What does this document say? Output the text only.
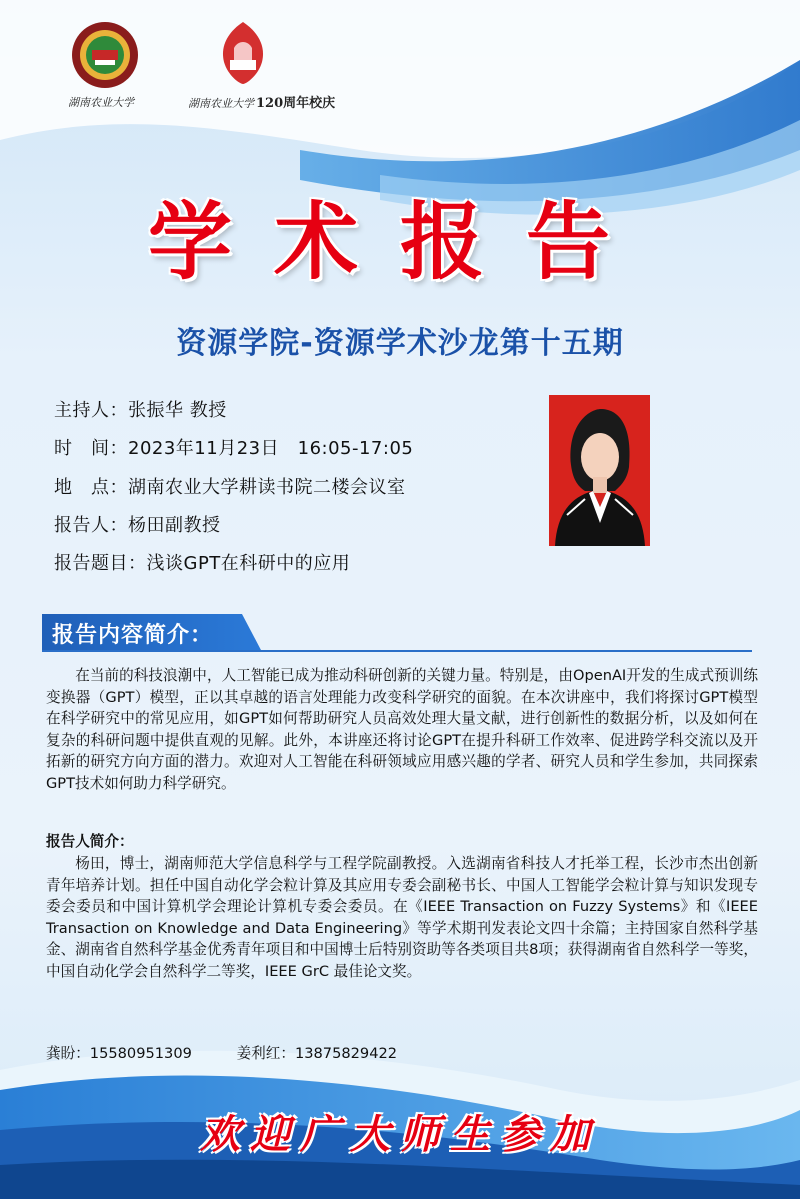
湖南农业大学	湖南农业大学 120周年校庆
学术报告
资源学院-资源学术沙龙第十五期
主持人：张振华 教授
时　间：2023年11月23日　16:05-17:05
地　点：湖南农业大学耕读书院二楼会议室
报告人：杨田副教授
报告题目：浅谈GPT在科研中的应用
报告内容简介：
在当前的科技浪潮中，人工智能已成为推动科研创新的关键力量。特别是，由OpenAI开发的生成式预训练变换器（GPT）模型，正以其卓越的语言处理能力改变科学研究的面貌。在本次讲座中，我们将探讨GPT模型在科学研究中的常见应用，如GPT如何帮助研究人员高效处理大量文献，进行创新性的数据分析，以及如何在复杂的科研问题中提供直观的见解。此外，本讲座还将讨论GPT在提升科研工作效率、促进跨学科交流以及开拓新的研究方向方面的潜力。欢迎对人工智能在科研领域应用感兴趣的学者、研究人员和学生参加，共同探索GPT技术如何助力科学研究。
报告人简介：
杨田，博士，湖南师范大学信息科学与工程学院副教授。入选湖南省科技人才托举工程，长沙市杰出创新青年培养计划。担任中国自动化学会粒计算及其应用专委会副秘书长、中国人工智能学会粒计算与知识发现专委会委员和中国计算机学会理论计算机专委会委员。在《IEEE Transaction on Fuzzy Systems》和《IEEE Transaction on Knowledge and Data Engineering》等学术期刊发表论文四十余篇；主持国家自然科学基金、湖南省自然科学基金优秀青年项目和中国博士后特别资助等各类项目共8项；获得湖南省自然科学一等奖，中国自动化学会自然科学二等奖，IEEE GrC 最佳论文奖。
龚盼：15580951309	姜利红：13875829422
欢迎广大师生参加
